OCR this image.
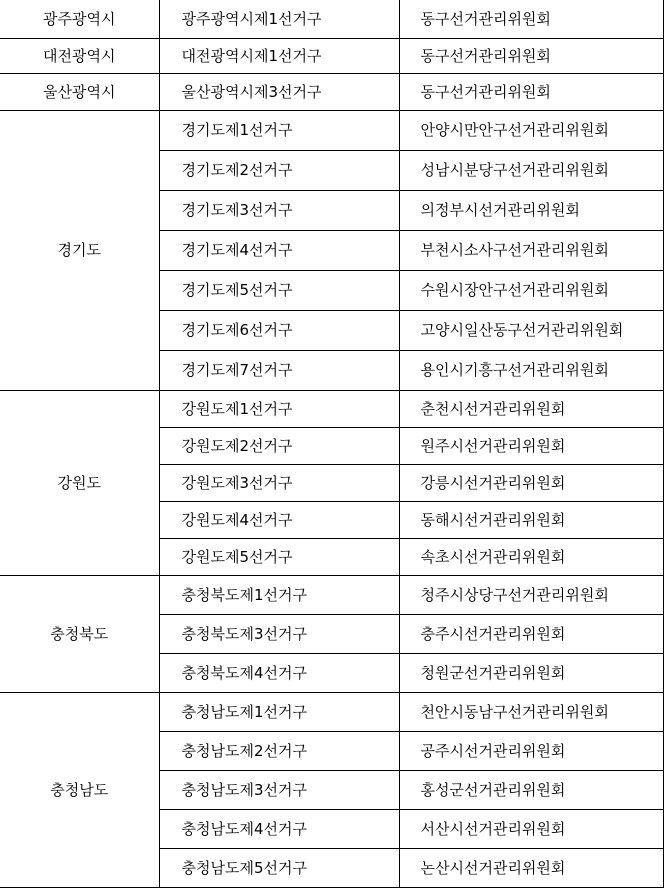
광주광역시	광주광역시제1선거구	동구선거관리위원회
대전광역시	대전광역시제1선거구	동구선거관리위원회
울산광역시	울산광역시제3선거구	동구선거관리위원회
경기도	경기도제1선거구	안양시만안구선거관리위원회
	경기도제2선거구	성남시분당구선거관리위원회
	경기도제3선거구	의정부시선거관리위원회
	경기도제4선거구	부천시소사구선거관리위원회
	경기도제5선거구	수원시장안구선거관리위원회
	경기도제6선거구	고양시일산동구선거관리위원회
	경기도제7선거구	용인시기흥구선거관리위원회
강원도	강원도제1선거구	춘천시선거관리위원회
	강원도제2선거구	원주시선거관리위원회
	강원도제3선거구	강릉시선거관리위원회
	강원도제4선거구	동해시선거관리위원회
	강원도제5선거구	속초시선거관리위원회
충청북도	충청북도제1선거구	청주시상당구선거관리위원회
	충청북도제3선거구	충주시선거관리위원회
	충청북도제4선거구	청원군선거관리위원회
충청남도	충청남도제1선거구	천안시동남구선거관리위원회
	충청남도제2선거구	공주시선거관리위원회
	충청남도제3선거구	홍성군선거관리위원회
	충청남도제4선거구	서산시선거관리위원회
	충청남도제5선거구	논산시선거관리위원회
